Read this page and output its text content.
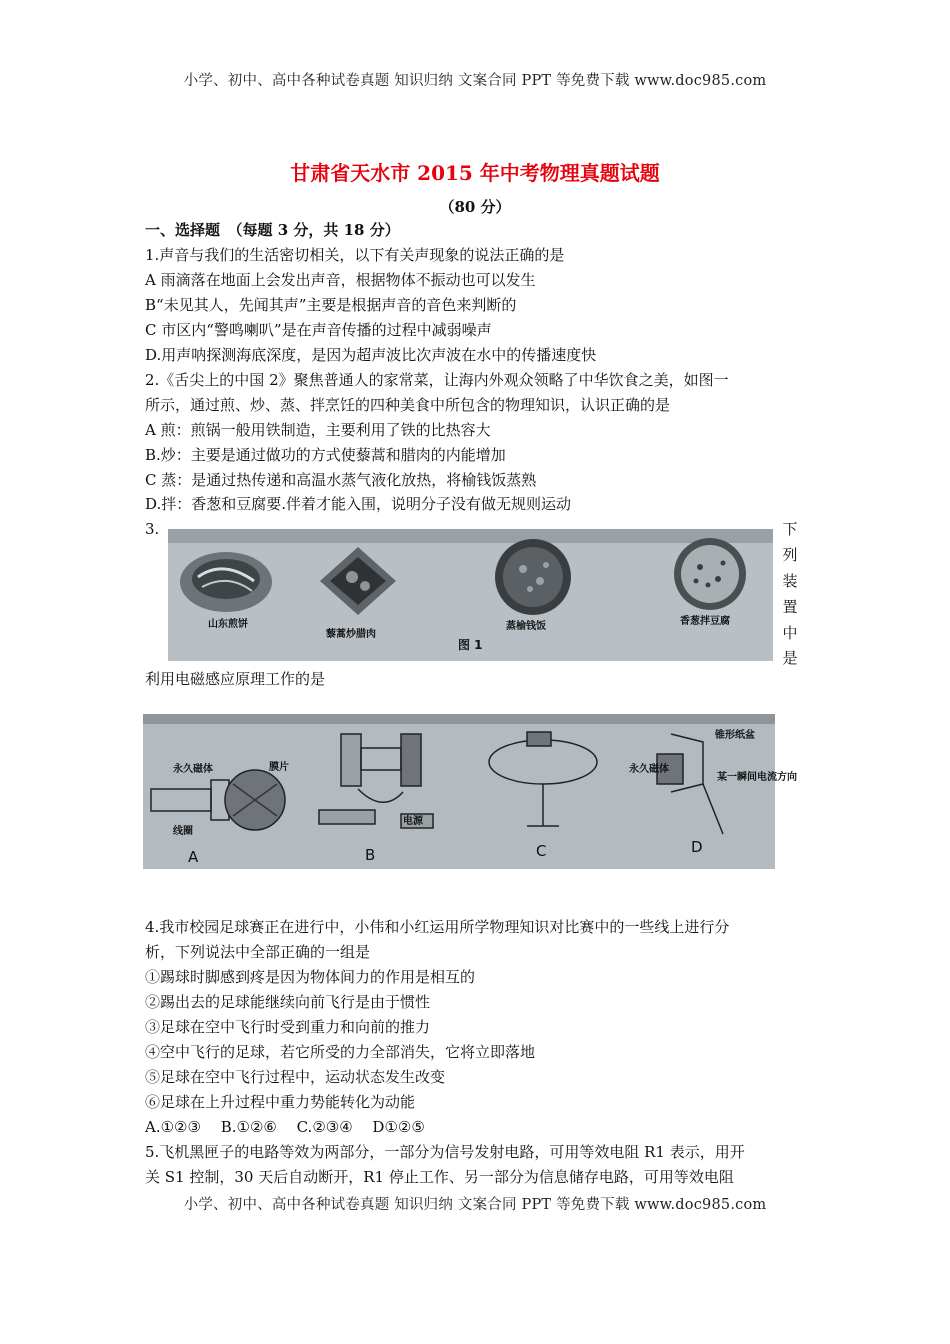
小学、初中、高中各种试卷真题 知识归纳 文案合同 PPT 等免费下载 www.doc985.com
甘肃省天水市 2015 年中考物理真题试题
（80 分）
一、选择题　（每题 3 分，共 18 分）
1.声音与我们的生活密切相关，以下有关声现象的说法正确的是
A 雨滴落在地面上会发出声音，根据物体不振动也可以发生
B“未见其人，先闻其声”主要是根据声音的音色来判断的
C 市区内“警鸣喇叭”是在声音传播的过程中减弱噪声
D.用声呐探测海底深度，是因为超声波比次声波在水中的传播速度快
2.《舌尖上的中国 2》聚焦普通人的家常菜，让海内外观众领略了中华饮食之美，如图一
所示，通过煎、炒、蒸、拌烹饪的四种美食中所包含的物理知识，认识正确的是
A 煎：煎锅一般用铁制造，主要利用了铁的比热容大
B.炒：主要是通过做功的方式使藜蒿和腊肉的内能增加
C 蒸：是通过热传递和高温水蒸气液化放热，将榆钱饭蒸熟
D.拌：香葱和豆腐要.伴着才能入围，说明分子没有做无规则运动
3.
山东煎饼
藜蒿炒腊肉
蒸榆钱饭	香葱拌豆腐
图 1
下
列
装
置
中
是
利用电磁感应原理工作的是
永久磁体	膜片
线圈
电源
锥形纸盆
永久磁体
某一瞬间电流方向
A	B	C	D
4.我市校园足球赛正在进行中，小伟和小红运用所学物理知识对比赛中的一些线上进行分
析，下列说法中全部正确的一组是
①踢球时脚感到疼是因为物体间力的作用是相互的
②踢出去的足球能继续向前飞行是由于惯性
③足球在空中飞行时受到重力和向前的推力
④空中飞行的足球，若它所受的力全部消失，它将立即落地
⑤足球在空中飞行过程中，运动状态发生改变
⑥足球在上升过程中重力势能转化为动能
A.①②③　 B.①②⑥　 C.②③④　 D①②⑤
5.飞机黑匣子的电路等效为两部分，一部分为信号发射电路，可用等效电阻 R1 表示，用开
关 S1 控制，30 天后自动断开，R1 停止工作、另一部分为信息储存电路，可用等效电阻
小学、初中、高中各种试卷真题 知识归纳 文案合同 PPT 等免费下载 www.doc985.com
